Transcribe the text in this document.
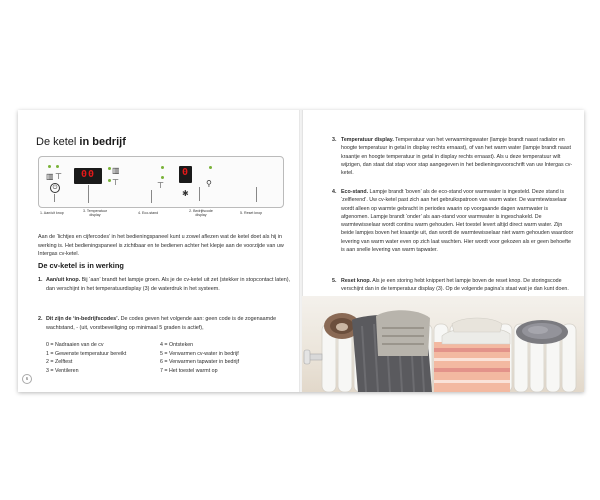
De ketel in bedrijf
▥ ⊤
⏻
00	▥
⊤	⊤
0
✱
⚲
1. Aan/uit knop	3. Temperatuur display
4. Eco-stand	2. Bedrijfscode display
5. Reset knop
Aan de ‘lichtjes en cijfercodes’ in het bedieningspaneel kunt u zowel aflezen wat de ketel doet als hij in werking is. Het bedieningspaneel is zichtbaar en te bedienen achter het klepje aan de voorzijde van uw Intergas cv-ketel.
De cv-ketel is in werking
1. Aan/uit knop. Bij ‘aan’ brandt het lampje groen. Als je de cv-ketel uit zet (stekker in stopcontact laten), dan verschijnt in het temperatuurdisplay (3) de waterdruk in het systeem.
2. Dit zijn de ‘in-bedrijfscodes’. De codes geven het volgende aan: geen code is de zogenaamde wachtstand, - (uit, vorstbeveiliging op minimaal 5 graden is actief),
0 = Nadraaien van de cv	4 = Ontsteken
1 = Gewenste temperatuur bereikt	5 = Verwarmen cv-water in bedrijf
2 = Zelftest	6 = Verwarmen tapwater in bedrijf
3 = Ventileren	7 = Het toestel warmt op
6
3. Temperatuur display. Temperatuur van het verwarmingswater (lampje brandt naast radiator en hoogte temperatuur in getal in display rechts ernaast), of van het warm water (lampje brandt naast kraantje en hoogte temperatuur in getal in display rechts ernaast). Als u deze temperatuur wilt wijzigen, dan staat dat stap voor stap aangegeven in het bedieningsvoorschrift van uw Intergas cv-ketel.
4. Eco-stand. Lampje brandt ‘boven’ als de eco-stand voor warmwater is ingesteld. Deze stand is ‘zelflerend’. Uw cv-ketel past zich aan het gebruikspatroon van warm water. De warmtewisselaar wordt alleen op warmte gebracht in periodes waarin op voorgaande dagen warmwater is afgenomen. Lampje brandt ‘onder’ als aan-stand voor warmwater is ingeschakeld. De warmtewisselaar wordt continu warm gehouden. Het toestel levert altijd direct warm water. Zijn beide lampjes boven het kraantje uit, dan wordt de warmtewisselaar niet warm gehouden waardoor levering van warm water even op zich laat wachten. Hier wordt voor gekozen als er geen behoefte is aan snelle levering van warm tapwater.
5. Reset knop. Als je een storing hebt knippert het lampje boven de reset knop. De storingscode verschijnt dan in de temperatuur display (3). Op de volgende pagina’s staat wat je dan kunt doen.
